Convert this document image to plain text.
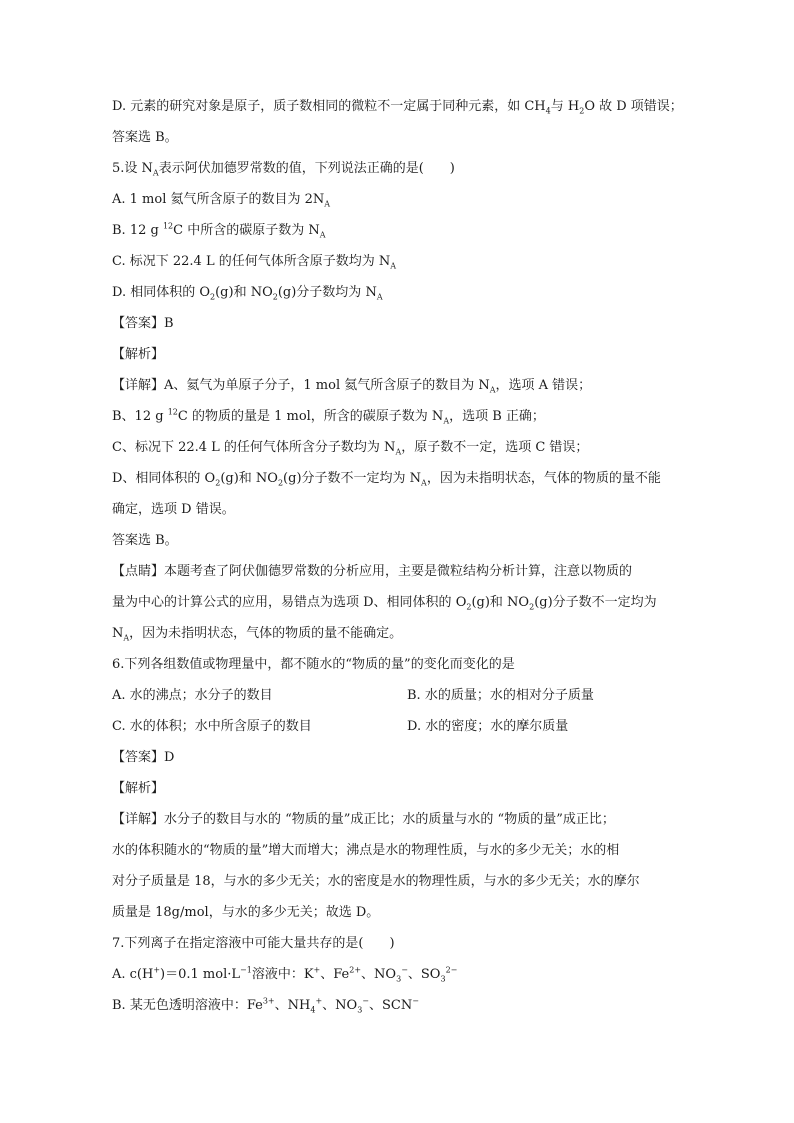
D. 元素的研究对象是原子，质子数相同的微粒不一定属于同种元素，如 $CH_4$与 $H_2O$ 故 D 项错误；
答案选 B。
5.设 $N_A$表示阿伏加德罗常数的值，下列说法正确的是(　　)
A. 1 mol 氦气所含原子的数目为 $2N_A$
B. 12 g $^{12}$C 中所含的碳原子数为 $N_A$
C. 标况下 22.4 L 的任何气体所含原子数均为 $N_A$
D. 相同体积的 $O_2(g)$和 $NO_2(g)$分子数均为 $N_A$
【答案】B
【解析】
【详解】A、氦气为单原子分子，1 mol 氦气所含原子的数目为 $N_A$，选项 A 错误；
B、12 g $^{12}$C 的物质的量是 1 mol，所含的碳原子数为 $N_A$，选项 B 正确；
C、标况下 22.4 L 的任何气体所含分子数均为 $N_A$，原子数不一定，选项 C 错误；
D、相同体积的 $O_2(g)$和 $NO_2(g)$分子数不一定均为 $N_A$，因为未指明状态，气体的物质的量不能
确定，选项 D 错误。
答案选 B。
【点睛】本题考查了阿伏伽德罗常数的分析应用，主要是微粒结构分析计算，注意以物质的
量为中心的计算公式的应用，易错点为选项 D、相同体积的 $O_2(g)$和 $NO_2(g)$分子数不一定均为
$N_A$，因为未指明状态，气体的物质的量不能确定。
6.下列各组数值或物理量中，都不随水的“物质的量”的变化而变化的是
A. 水的沸点；水分子的数目	B. 水的质量；水的相对分子质量
C. 水的体积；水中所含原子的数目	D. 水的密度；水的摩尔质量
【答案】D
【解析】
【详解】水分子的数目与水的 “物质的量”成正比；水的质量与水的 “物质的量”成正比；
水的体积随水的“物质的量”增大而增大；沸点是水的物理性质，与水的多少无关；水的相
对分子质量是 18，与水的多少无关；水的密度是水的物理性质，与水的多少无关；水的摩尔
质量是 18g/mol，与水的多少无关；故选 D。
7.下列离子在指定溶液中可能大量共存的是(　　)
A. c(H+)＝0.1 $mol\cdot L^{-1}$溶液中：K+、$Fe^{2+}$、$NO_3^-$、$SO_3^{2-}$
B. 某无色透明溶液中：$Fe^{3+}$、$NH_4^+$、$NO_3^-$、SCN−
